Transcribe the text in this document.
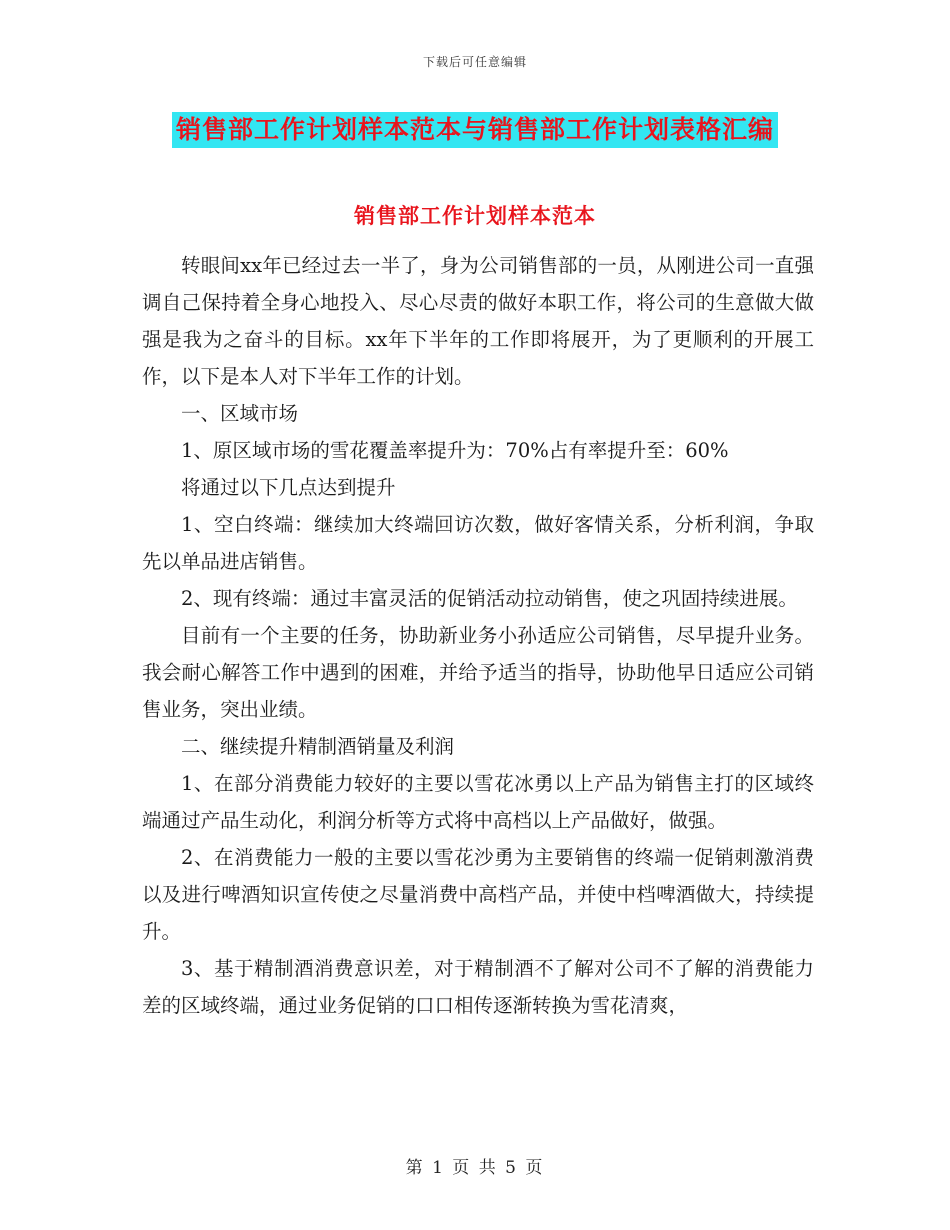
下载后可任意编辑
销售部工作计划样本范本与销售部工作计划表格汇编
销售部工作计划样本范本

转眼间xx年已经过去一半了，身为公司销售部的一员，从刚进公司一直强调自己保持着全身心地投入、尽心尽责的做好本职工作，将公司的生意做大做强是我为之奋斗的目标。xx年下半年的工作即将展开，为了更顺利的开展工作，以下是本人对下半年工作的计划。

一、区域市场

1、原区域市场的雪花覆盖率提升为：70%占有率提升至：60%

将通过以下几点达到提升

1、空白终端：继续加大终端回访次数，做好客情关系，分析利润，争取先以单品进店销售。

2、现有终端：通过丰富灵活的促销活动拉动销售，使之巩固持续进展。

目前有一个主要的任务，协助新业务小孙适应公司销售，尽早提升业务。我会耐心解答工作中遇到的困难，并给予适当的指导，协助他早日适应公司销售业务，突出业绩。

二、继续提升精制酒销量及利润

1、在部分消费能力较好的主要以雪花冰勇以上产品为销售主打的区域终端通过产品生动化，利润分析等方式将中高档以上产品做好，做强。

2、在消费能力一般的主要以雪花沙勇为主要销售的终端一促销刺激消费以及进行啤酒知识宣传使之尽量消费中高档产品，并使中档啤酒做大，持续提升。

3、基于精制酒消费意识差，对于精制酒不了解对公司不了解的消费能力差的区域终端，通过业务促销的口口相传逐渐转换为雪花清爽，

第 1 页 共 5 页
